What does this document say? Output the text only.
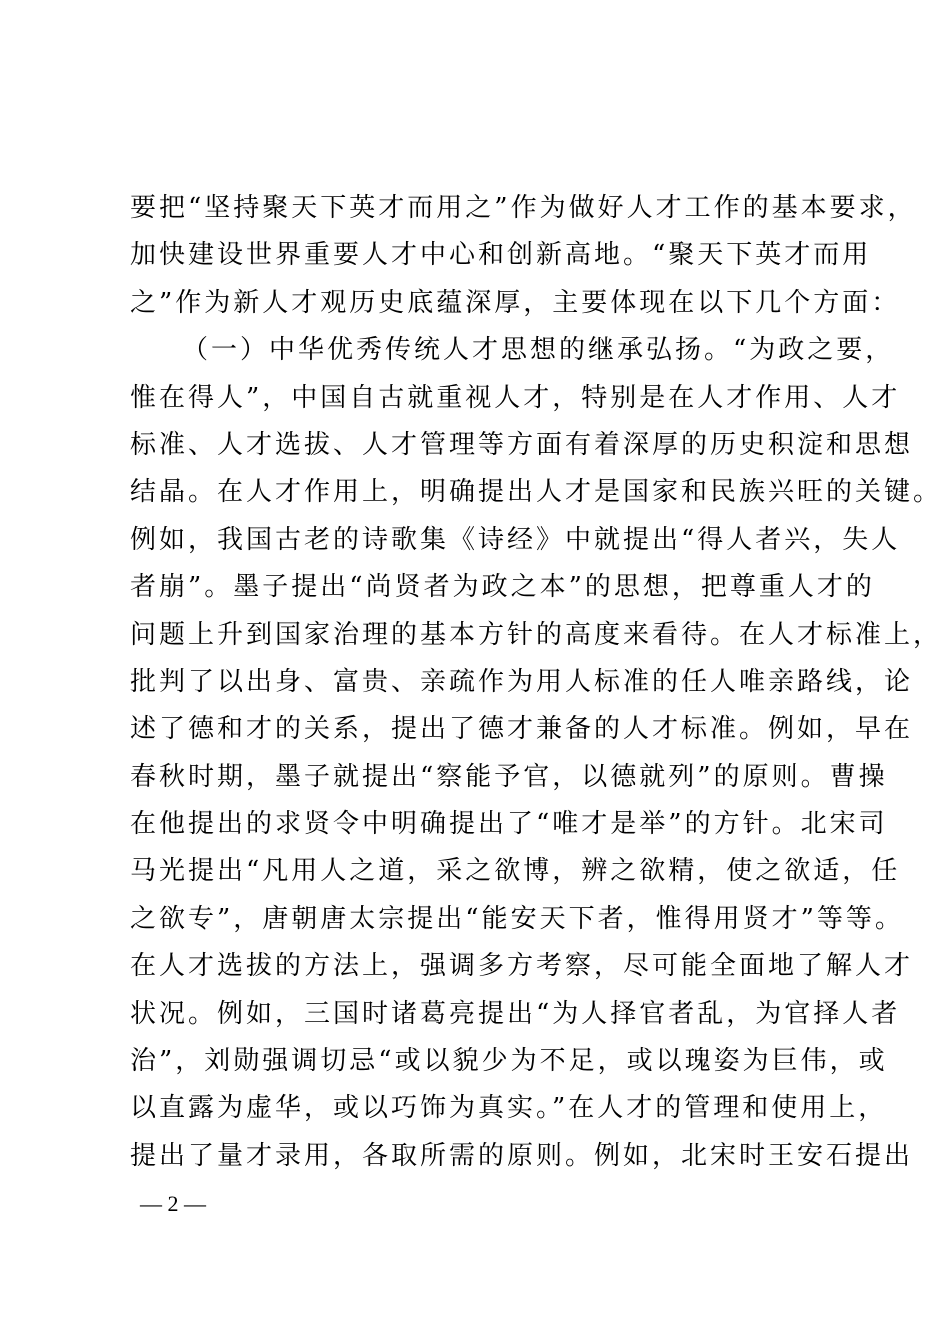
要把“坚持聚天下英才而用之”作为做好人才工作的基本要求，
加快建设世界重要人才中心和创新高地。“聚天下英才而用
之”作为新人才观历史底蕴深厚，主要体现在以下几个方面：
（一）中华优秀传统人才思想的继承弘扬。“为政之要，
惟在得人”，中国自古就重视人才，特别是在人才作用、人才
标准、人才选拔、人才管理等方面有着深厚的历史积淀和思想
结晶。在人才作用上，明确提出人才是国家和民族兴旺的关键。
例如，我国古老的诗歌集《诗经》中就提出“得人者兴，失人
者崩”。墨子提出“尚贤者为政之本”的思想，把尊重人才的
问题上升到国家治理的基本方针的高度来看待。在人才标准上，
批判了以出身、富贵、亲疏作为用人标准的任人唯亲路线，论
述了德和才的关系，提出了德才兼备的人才标准。例如，早在
春秋时期，墨子就提出“察能予官，以德就列”的原则。曹操
在他提出的求贤令中明确提出了“唯才是举”的方针。北宋司
马光提出“凡用人之道，采之欲博，辨之欲精，使之欲适，任
之欲专”，唐朝唐太宗提出“能安天下者，惟得用贤才”等等。
在人才选拔的方法上，强调多方考察，尽可能全面地了解人才
状况。例如，三国时诸葛亮提出“为人择官者乱，为官择人者
治”，刘勋强调切忌“或以貌少为不足，或以瑰姿为巨伟，或
以直露为虚华，或以巧饰为真实。”在人才的管理和使用上，
提出了量才录用，各取所需的原则。例如，北宋时王安石提出
— 2 —
